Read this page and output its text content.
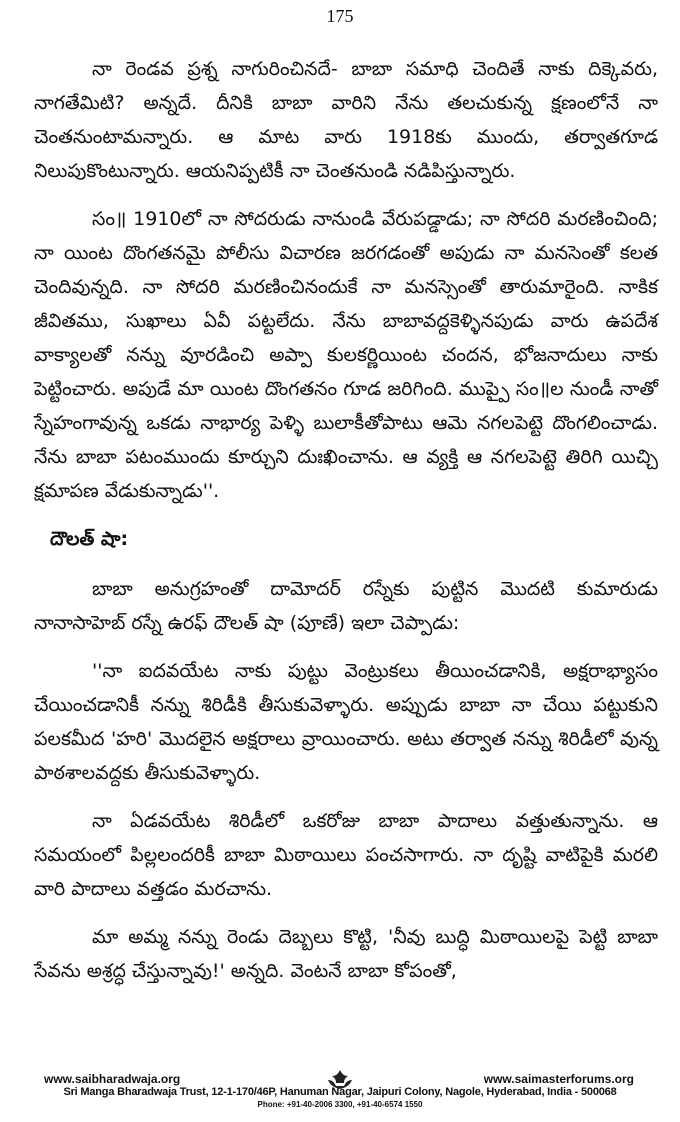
175

నా రెండవ ప్రశ్న నాగురించినదే- బాబా సమాధి చెందితే నాకు దిక్కెవరు, నాగతేమిటి? అన్నదే. దీనికి బాబా వారిని నేను తలచుకున్న క్షణంలోనే నా చెంతనుంటామన్నారు. ఆ మాట వారు 1918కు ముందు, తర్వాతగూడ నిలుపుకొంటున్నారు. ఆయనిప్పటికీ నా చెంతనుండి నడిపిస్తున్నారు.

సం॥ 1910లో నా సోదరుడు నానుండి వేరుపడ్డాడు; నా సోదరి మరణించింది; నా యింట దొంగతనమై పోలీసు విచారణ జరగడంతో అపుడు నా మనసెంతో కలత చెందివున్నది. నా సోదరి మరణించినందుకే నా మనస్సెంతో తారుమారైంది. నాకిక జీవితము, సుఖాలు ఏవీ పట్టలేదు. నేను బాబావద్దకెళ్ళినపుడు వారు ఉపదేశ వాక్యాలతో నన్ను వూరడించి అప్పా కులకర్ణియింట చందన, భోజనాదులు నాకు పెట్టించారు. అపుడే మా యింట దొంగతనం గూడ జరిగింది. ముప్పై సం॥ల నుండీ నాతో స్నేహంగావున్న ఒకడు నాభార్య పెళ్ళి బులాకీతోపాటు ఆమె నగలపెట్టె దొంగలించాడు. నేను బాబా పటంముందు కూర్చుని దుఃఖించాను. ఆ వ్యక్తి ఆ నగలపెట్టె తిరిగి యిచ్చి క్షమాపణ వేడుకున్నాడు''.

దౌలత్ షా:

బాబా అనుగ్రహంతో దామోదర్ రస్నేకు పుట్టిన మొదటి కుమారుడు నానాసాహెబ్ రస్నే ఉరఫ్ దౌలత్ షా (పూణే) ఇలా చెప్పాడు:

''నా ఐదవయేట నాకు పుట్టు వెంట్రుకలు తీయించడానికి, అక్షరాభ్యాసం చేయించడానికీ నన్ను శిరిడీకి తీసుకువెళ్ళారు. అప్పుడు బాబా నా చేయి పట్టుకుని పలకమీద 'హరి' మొదలైన అక్షరాలు వ్రాయించారు. అటు తర్వాత నన్ను శిరిడీలో వున్న పాఠశాలవద్దకు తీసుకువెళ్ళారు.

నా ఏడవయేట శిరిడీలో ఒకరోజు బాబా పాదాలు వత్తుతున్నాను. ఆ సమయంలో పిల్లలందరికీ బాబా మిఠాయిలు పంచసాగారు. నా దృష్టి వాటిపైకి మరలి వారి పాదాలు వత్తడం మరచాను.

మా అమ్మ నన్ను రెండు దెబ్బలు కొట్టి, 'నీవు బుద్ధి మిఠాయిలపై పెట్టి బాబా సేవను అశ్రద్ధ చేస్తున్నావు!' అన్నది. వెంటనే బాబా కోపంతో,

www.saibharadwaja.org	www.saimasterforums.org
Sri Manga Bharadwaja Trust, 12-1-170/46P, Hanuman Nagar, Jaipuri Colony, Nagole, Hyderabad, India - 500068
Phone: +91-40-2006 3300, +91-40-6574 1550
